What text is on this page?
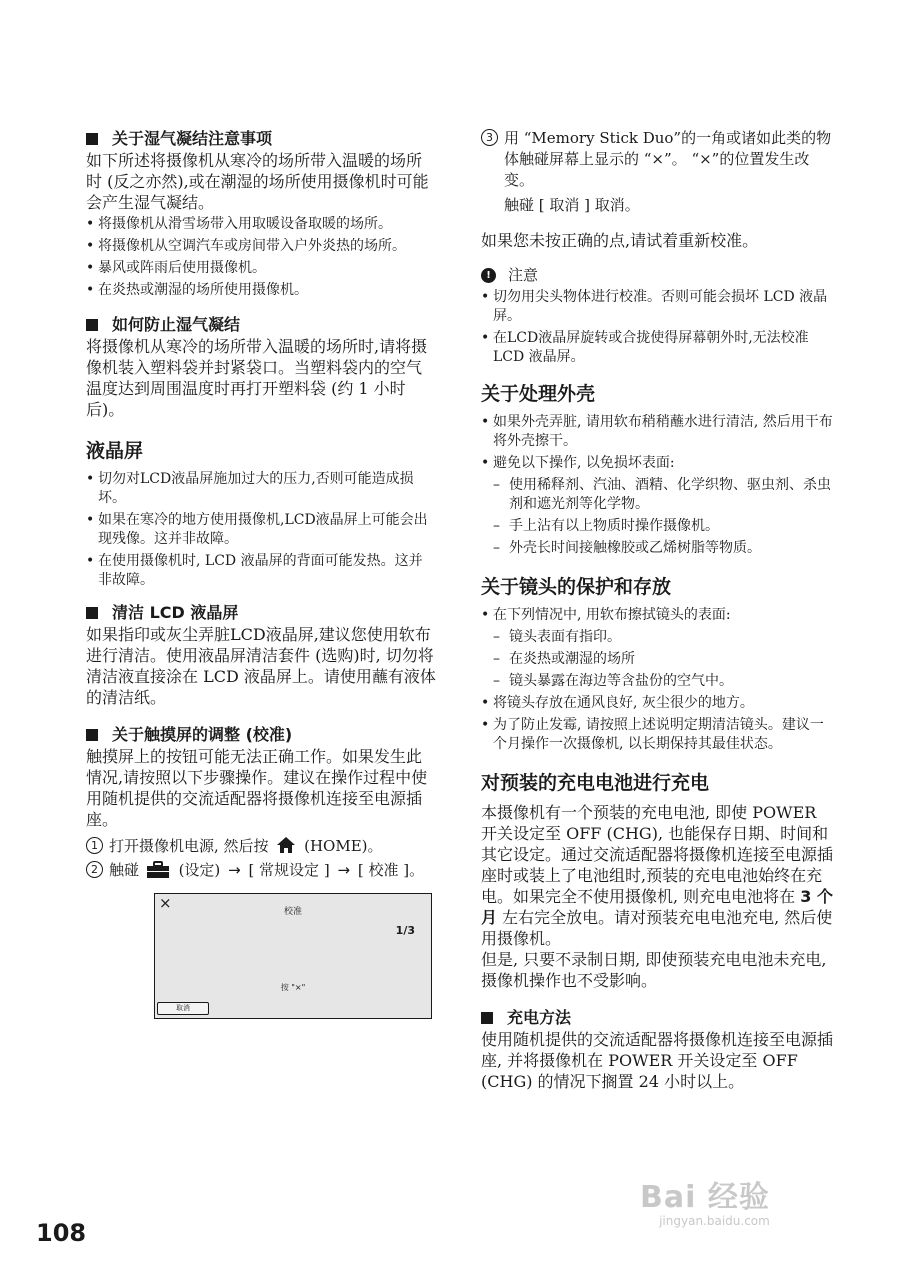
关于湿气凝结注意事项

如下所述将摄像机从寒冷的场所带入温暖的场所时 (反之亦然),或在潮湿的场所使用摄像机时可能会产生湿气凝结。

• 将摄像机从滑雪场带入用取暖设备取暖的场所。
• 将摄像机从空调汽车或房间带入户外炎热的场所。
• 暴风或阵雨后使用摄像机。
• 在炎热或潮湿的场所使用摄像机。
如何防止湿气凝结

将摄像机从寒冷的场所带入温暖的场所时,请将摄像机装入塑料袋并封紧袋口。当塑料袋内的空气温度达到周围温度时再打开塑料袋 (约 1 小时后)。

液晶屏
• 切勿对LCD液晶屏施加过大的压力,否则可能造成损坏。
• 如果在寒冷的地方使用摄像机,LCD液晶屏上可能会出现残像。这并非故障。
• 在使用摄像机时, LCD 液晶屏的背面可能发热。这并非故障。
清洁 LCD 液晶屏

如果指印或灰尘弄脏LCD液晶屏,建议您使用软布进行清洁。使用液晶屏清洁套件 (选购)时, 切勿将清洁液直接涂在 LCD 液晶屏上。请使用蘸有液体的清洁纸。

关于触摸屏的调整 (校准)

触摸屏上的按钮可能无法正确工作。如果发生此情况,请按照以下步骤操作。建议在操作过程中使用随机提供的交流适配器将摄像机连接至电源插座。

1 打开摄像机电源, 然后按 (HOME)。
2 触碰	(设定) → [ 常规设定 ] → [ 校准 ]。
×	校准
1/3
按 "×"
取消
3 用 “Memory Stick Duo”的一角或诸如此类的物体触碰屏幕上显示的 “×”。 “×”的位置发生改变。

触碰 [ 取消 ] 取消。

如果您未按正确的点,请试着重新校准。

!	注意
• 切勿用尖头物体进行校准。否则可能会损坏 LCD 液晶屏。
• 在LCD液晶屏旋转或合拢使得屏幕朝外时,无法校准 LCD 液晶屏。
关于处理外壳
• 如果外壳弄脏, 请用软布稍稍蘸水进行清洁, 然后用干布将外壳擦干。
• 避免以下操作, 以免损坏表面:
– 使用稀释剂、汽油、酒精、化学织物、驱虫剂、杀虫剂和遮光剂等化学物。
– 手上沾有以上物质时操作摄像机。
– 外壳长时间接触橡胶或乙烯树脂等物质。
关于镜头的保护和存放
• 在下列情况中, 用软布擦拭镜头的表面:
– 镜头表面有指印。
– 在炎热或潮湿的场所
– 镜头暴露在海边等含盐份的空气中。
• 将镜头存放在通风良好, 灰尘很少的地方。
• 为了防止发霉, 请按照上述说明定期清洁镜头。建议一个月操作一次摄像机, 以长期保持其最佳状态。
对预装的充电电池进行充电

本摄像机有一个预装的充电电池, 即使 POWER 开关设定至 OFF (CHG), 也能保存日期、时间和其它设定。通过交流适配器将摄像机连接至电源插座时或装上了电池组时,预装的充电电池始终在充电。如果完全不使用摄像机, 则充电电池将在 3 个月 左右完全放电。请对预装充电电池充电, 然后使用摄像机。

但是, 只要不录制日期, 即使预装充电电池未充电, 摄像机操作也不受影响。

充电方法

使用随机提供的交流适配器将摄像机连接至电源插座, 并将摄像机在 POWER 开关设定至 OFF (CHG) 的情况下搁置 24 小时以上。

108
Bai 经验
jingyan.baidu.com
